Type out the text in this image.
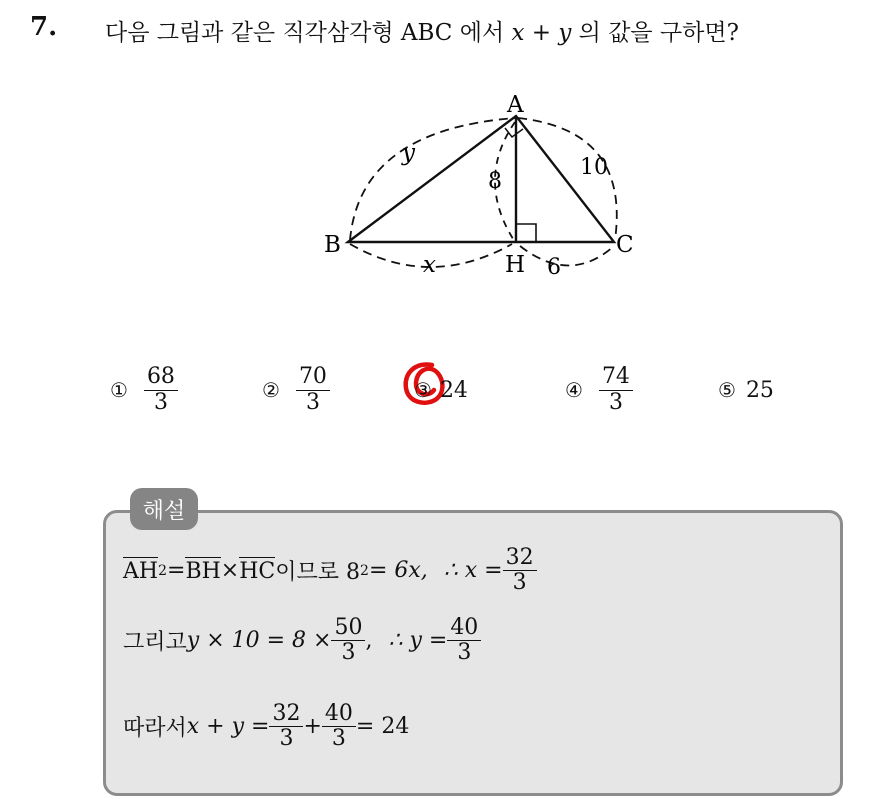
7. 다음 그림과 같은 직각삼각형 ABC 에서 x + y 의 값을 구하면?
A
B	C
H
y
8
10
x	6
① $\frac{68}{3}$	② $\frac{70}{3}$	③ 24	④ $\frac{74}{3}$	⑤ 25
해설
AH 2 = BH × HC 이므로 8 2 = 6x, ∴ $x = \frac{32}{3}$
그리고 $y \times 10 = 8 \times \frac{50}{3}$ , ∴ $y = \frac{40}{3}$
따라서 $x + y = \frac{32}{3} + \frac{40}{3} = 24$
